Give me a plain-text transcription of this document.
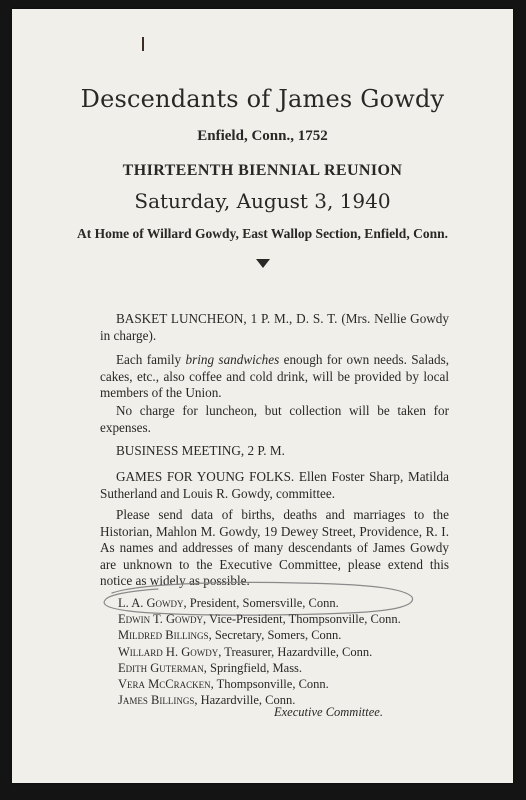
Descendants of James Gowdy
Enfield, Conn., 1752
THIRTEENTH BIENNIAL REUNION
Saturday, August 3, 1940
At Home of Willard Gowdy, East Wallop Section, Enfield, Conn.

BASKET LUNCHEON, 1 P. M., D. S. T. (Mrs. Nellie Gowdy in charge).

Each family bring sandwiches enough for own needs. Salads, cakes, etc., also coffee and cold drink, will be provided by local members of the Union.

No charge for luncheon, but collection will be taken for expenses.

BUSINESS MEETING, 2 P. M.

GAMES FOR YOUNG FOLKS. Ellen Foster Sharp, Matilda Sutherland and Louis R. Gowdy, committee.

Please send data of births, deaths and marriages to the Historian, Mahlon M. Gowdy, 19 Dewey Street, Providence, R. I. As names and addresses of many descendants of James Gowdy are unknown to the Executive Committee, please extend this notice as widely as possible.

L. A. Gowdy, President, Somersville, Conn.
Edwin T. Gowdy, Vice-President, Thompsonville, Conn.
Mildred Billings, Secretary, Somers, Conn.
Willard H. Gowdy, Treasurer, Hazardville, Conn.
Edith Guterman, Springfield, Mass.
Vera McCracken, Thompsonville, Conn.
James Billings, Hazardville, Conn.
Executive Committee.
